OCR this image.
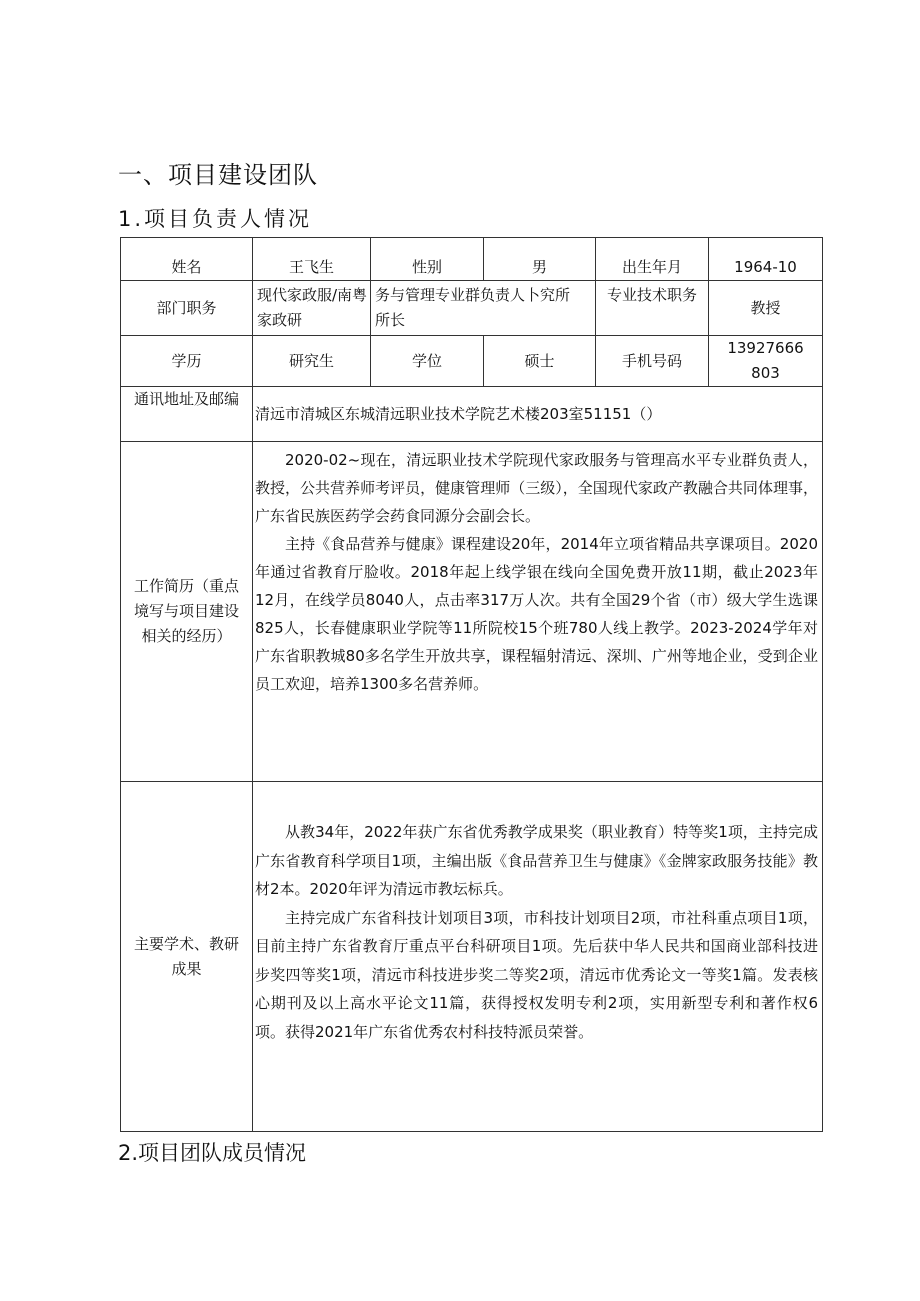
一、项目建设团队
1.项目负责人情况
姓名	王飞生	性别	男	出生年月	1964-10
部门职务	现代家政服/南粤家政研	务与管理专业群负责人卜究所所长		专业技术职务	教授
学历	研究生	学位	硕士	手机号码	13927666803
通讯地址及邮编	清远市清城区东城清远职业技术学院艺术楼203室51151（）				
工作简历（重点境写与项目建设相关的经历）	2020-02~现在，清远职业技术学院现代家政服务与管理高水平专业群负责人，教授，公共营养师考评员，健康管理师（三级），全国现代家政产教融合共同体理事，广东省民族医药学会药食同源分会副会长。

主持《食品营养与健康》课程建设20年，2014年立项省精品共享课项目。2020年通过省教育厅脸收。2018年起上线学银在线向全国免费开放11期，截止2023年12月，在线学员8040人，点击率317万人次。共有全国29个省（市）级大学生选课825人，长春健康职业学院等11所院校15个班780人线上教学。2023-2024学年对广东省职教城80多名学生开放共享，课程辐射清远、深圳、广州等地企业，受到企业员工欢迎，培养1300多名营养师。				

主要学术、教研成果	从教34年，2022年获广东省优秀教学成果奖（职业教育）特等奖1项，主持完成广东省教育科学项目1项，主编出版《食品营养卫生与健康》《金牌家政服务技能》教材2本。2020年评为清远市教坛标兵。

主持完成广东省科技计划项目3项，市科技计划项目2项，市社科重点项目1项，目前主持广东省教育厅重点平台科研项目1项。先后获中华人民共和国商业部科技进步奖四等奖1项，清远市科技进步奖二等奖2项，清远市优秀论文一等奖1篇。发表核心期刊及以上高水平论文11篇，获得授权发明专利2项，实用新型专利和著作权6项。获得2021年广东省优秀农村科技特派员荣誉。				

2.项目团队成员情况
